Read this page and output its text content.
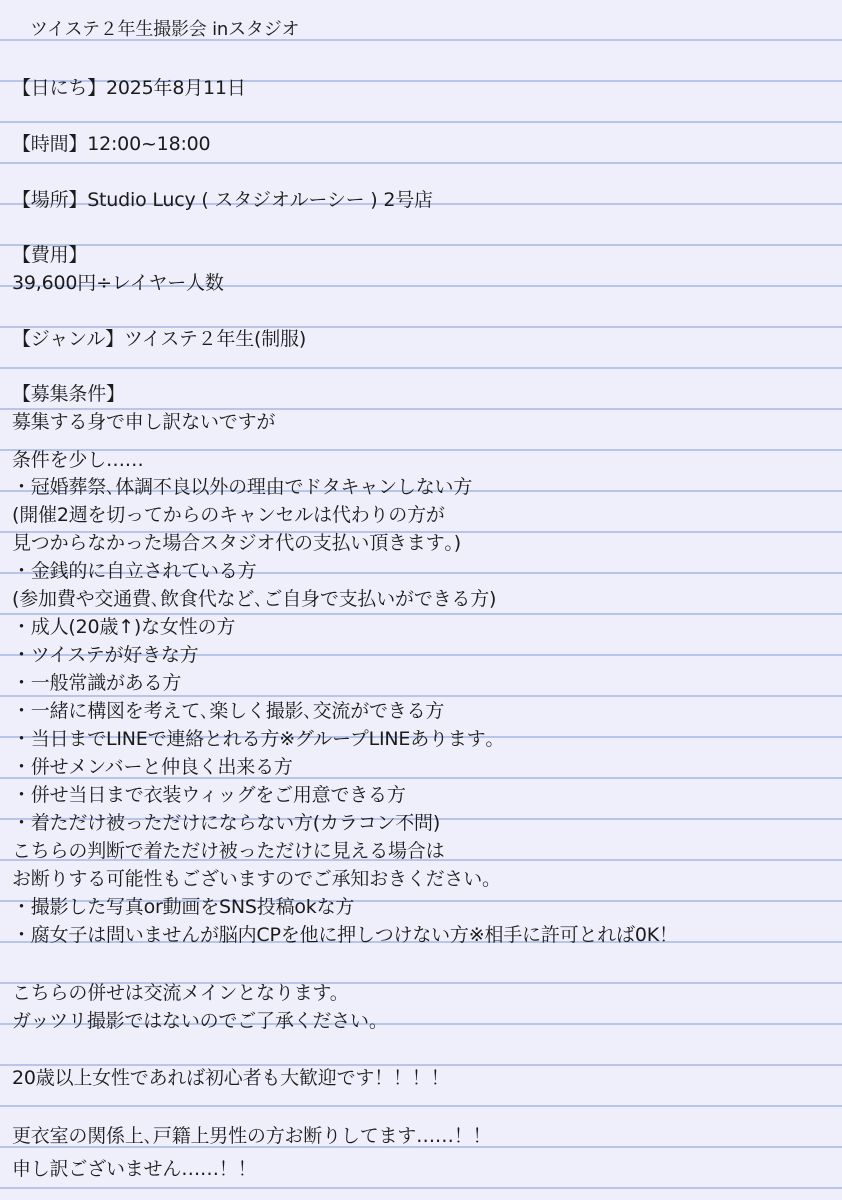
ツイステ２年生撮影会 inスタジオ
【日にち】2025年8月11日
【時間】12:00~18:00
【場所】Studio Lucy ( スタジオルーシー ) 2号店
【費用】
39,600円÷レイヤー人数
【ジャンル】ツイステ２年生(制服)
【募集条件】
募集する身で申し訳ないですが
条件を少し……
・冠婚葬祭､体調不良以外の理由でドタキャンしない方
(開催2週を切ってからのキャンセルは代わりの方が
見つからなかった場合スタジオ代の支払い頂きます｡)
・金銭的に自立されている方
(参加費や交通費､飲食代など､ご自身で支払いができる方)
・成人(20歳↑)な女性の方
・ツイステが好きな方
・一般常識がある方
・一緒に構図を考えて､楽しく撮影､交流ができる方
・当日までLINEで連絡とれる方※グループLINEあります｡
・併せメンバーと仲良く出来る方
・併せ当日まで衣装ウィッグをご用意できる方
・着ただけ被っただけにならない方(カラコン不問)
こちらの判断で着ただけ被っただけに見える場合は
お断りする可能性もございますのでご承知おきください｡
・撮影した写真or動画をSNS投稿okな方
・腐女子は問いませんが脳内CPを他に押しつけない方※相手に許可とれば0K！
こちらの併せは交流メインとなります。
ガッツリ撮影ではないのでご了承ください。
20歳以上女性であれば初心者も大歓迎です！！！！
更衣室の関係上､戸籍上男性の方お断りしてます……！！
申し訳ございません……！！
